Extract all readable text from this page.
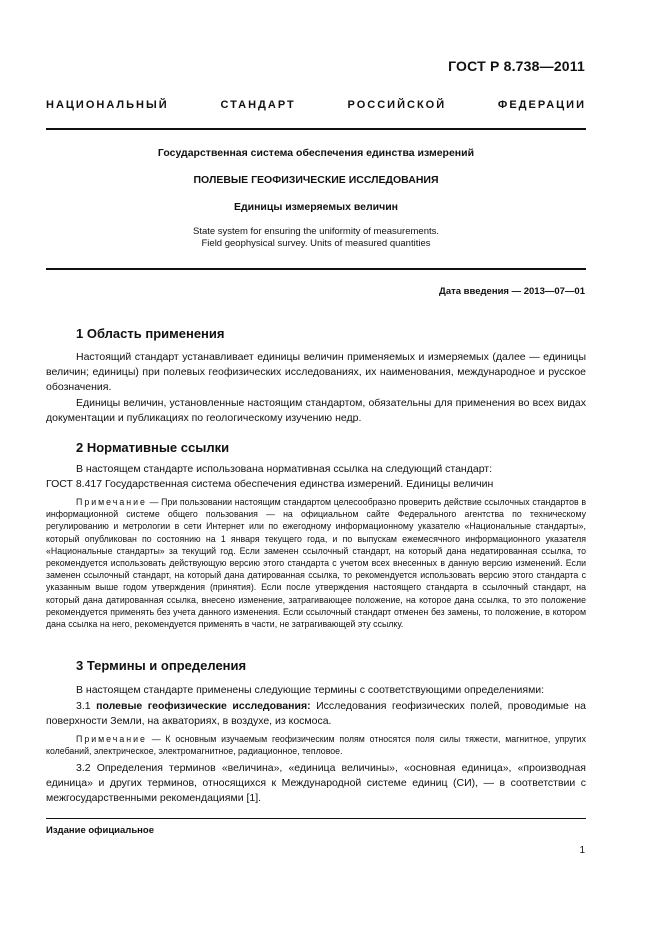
ГОСТ Р 8.738—2011
НАЦИОНАЛЬНЫЙ СТАНДАРТ РОССИЙСКОЙ ФЕДЕРАЦИИ
Государственная система обеспечения единства измерений
ПОЛЕВЫЕ ГЕОФИЗИЧЕСКИЕ ИССЛЕДОВАНИЯ
Единицы измеряемых величин
State system for ensuring the uniformity of measurements.
Field geophysical survey. Units of measured quantities
Дата введения — 2013—07—01
1 Область применения
Настоящий стандарт устанавливает единицы величин применяемых и измеряемых (далее — единицы величин; единицы) при полевых геофизических исследованиях, их наименования, международное и русское обозначения.
Единицы величин, установленные настоящим стандартом, обязательны для применения во всех видах документации и публикациях по геологическому изучению недр.
2 Нормативные ссылки
В настоящем стандарте использована нормативная ссылка на следующий стандарт:
ГОСТ 8.417 Государственная система обеспечения единства измерений. Единицы величин
Примечание — При пользовании настоящим стандартом целесообразно проверить действие ссылочных стандартов в информационной системе общего пользования — на официальном сайте Федерального агентства по техническому регулированию и метрологии в сети Интернет или по ежегодному информационному указателю «Национальные стандарты», который опубликован по состоянию на 1 января текущего года, и по выпускам ежемесячного информационного указателя «Национальные стандарты» за текущий год. Если заменен ссылочный стандарт, на который дана недатированная ссылка, то рекомендуется использовать действующую версию этого стандарта с учетом всех внесенных в данную версию изменений. Если заменен ссылочный стандарт, на который дана датированная ссылка, то рекомендуется использовать версию этого стандарта с указанным выше годом утверждения (принятия). Если после утверждения настоящего стандарта в ссылочный стандарт, на который дана датированная ссылка, внесено изменение, затрагивающее положение, на которое дана ссылка, то это положение рекомендуется применять без учета данного изменения. Если ссылочный стандарт отменен без замены, то положение, в котором дана ссылка на него, рекомендуется применять в части, не затрагивающей эту ссылку.
3 Термины и определения
В настоящем стандарте применены следующие термины с соответствующими определениями:
3.1 полевые геофизические исследования: Исследования геофизических полей, проводимые на поверхности Земли, на акваториях, в воздухе, из космоса.
Примечание — К основным изучаемым геофизическим полям относятся поля силы тяжести, магнитное, упругих колебаний, электрическое, электромагнитное, радиационное, тепловое.
3.2 Определения терминов «величина», «единица величины», «основная единица», «производная единица» и других терминов, относящихся к Международной системе единиц (СИ), — в соответствии с межгосударственными рекомендациями [1].
Издание официальное
1
